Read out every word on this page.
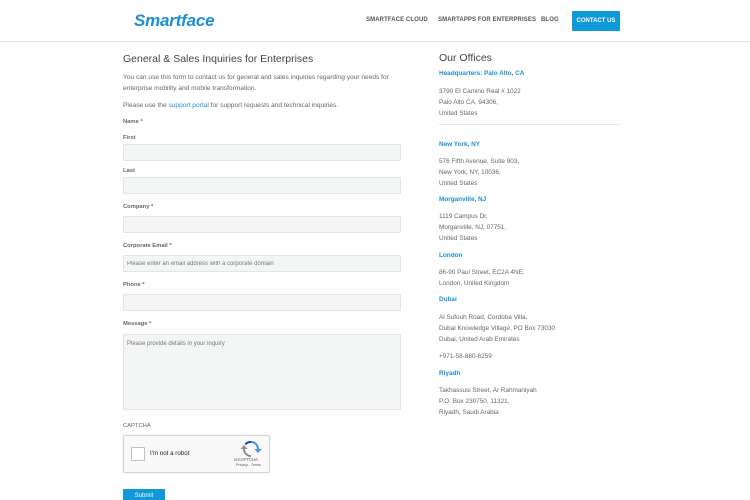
Smartface	SMARTFACE CLOUD SMARTAPPS FOR ENTERPRISES BLOG	CONTACT US
General & Sales Inquiries for Enterprises
You can use this form to contact us for general and sales inquiries regarding your needs for enterprise mobility and mobile transformation.
Please use the support portal for support requests and technical inquiries.
Name *
First
Last
Company *
Corporate Email *
Please enter an email address with a corporate domain
Phone *
Message *
Please provide details in your inquiry
CAPTCHA
I'm not a robot
reCAPTCHA
Privacy - Terms
Submit
Our Offices
Headquarters: Palo Alto, CA
3790 El Camino Real # 1022
Palo Alto CA, 94306,
United States
New York, NY
576 Fifth Avenue, Suite 903,
New York, NY, 10036,
United States
Morganville, NJ
1119 Campus Dr.
Morganville, NJ, 07751,
United States
London
86-90 Paul Street, EC2A 4NE,
London, United Kingdom
Dubai
Al Sufouh Road, Cordoba Villa,
Dubai Knowledge Village, PO Box 73030
Dubai, United Arab Emirates
+971-58-880-6259
Riyadh
Takhassusi Street, Ar Rahmaniyah
P.O. Box 230750, 11321,
Riyadh, Saudi Arabia
